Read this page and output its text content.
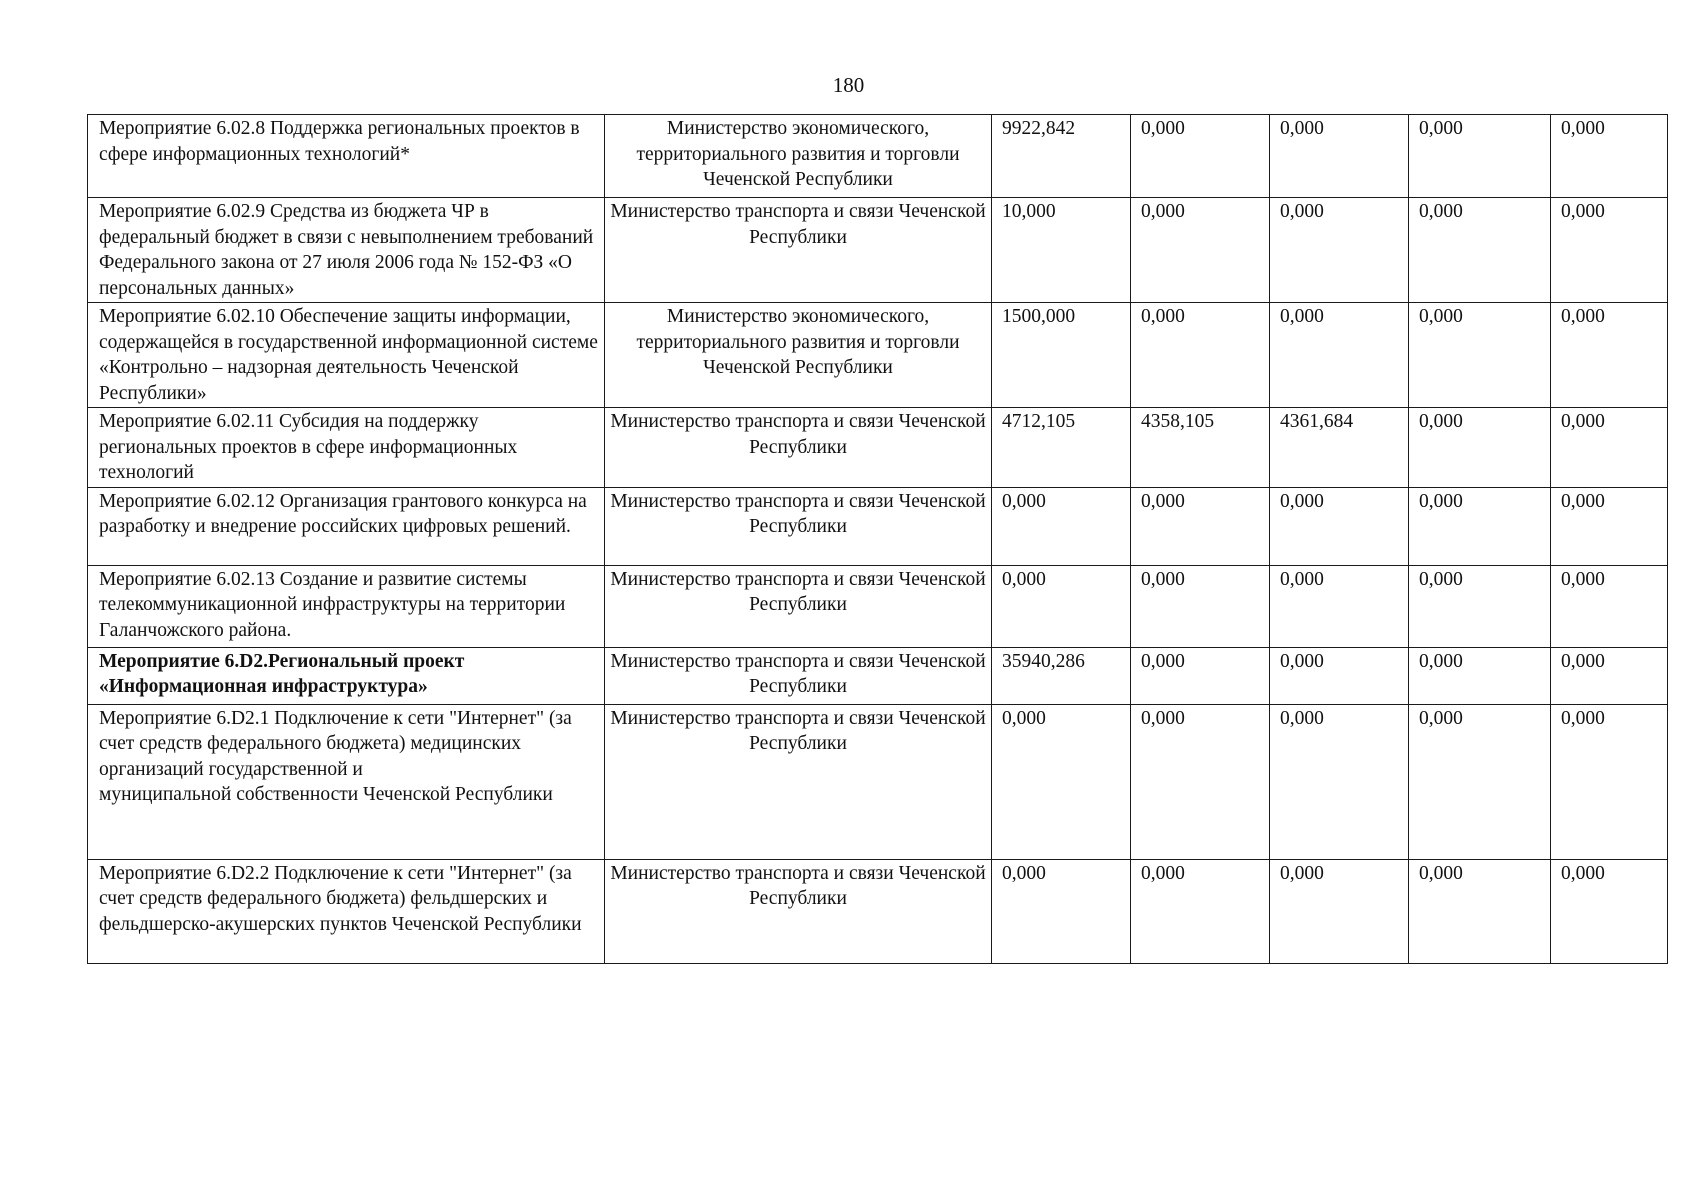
180
Мероприятие 6.02.8 Поддержка региональных проектов в сфере информационных технологий*	Министерство экономического, территориального развития и торговли Чеченской Республики	9922,842	0,000	0,000	0,000	0,000
Мероприятие 6.02.9 Средства из бюджета ЧР в федеральный бюджет в связи с невыполнением требований Федерального закона от 27 июля 2006 года № 152-ФЗ «О персональных данных»	Министерство транспорта и связи Чеченской Республики	10,000	0,000	0,000	0,000	0,000
Мероприятие 6.02.10 Обеспечение защиты информации, содержащейся в государственной информационной системе «Контрольно – надзорная деятельность Чеченской Республики»	Министерство экономического, территориального развития и торговли Чеченской Республики	1500,000	0,000	0,000	0,000	0,000
Мероприятие 6.02.11 Субсидия на поддержку региональных проектов в сфере информационных технологий	Министерство транспорта и связи Чеченской Республики	4712,105	4358,105	4361,684	0,000	0,000
Мероприятие 6.02.12 Организация грантового конкурса на разработку и внедрение российских цифровых решений.	Министерство транспорта и связи Чеченской Республики	0,000	0,000	0,000	0,000	0,000
Мероприятие 6.02.13 Создание и развитие системы телекоммуникационной инфраструктуры на территории Галанчожского района.	Министерство транспорта и связи Чеченской Республики	0,000	0,000	0,000	0,000	0,000
Мероприятие 6.D2.Региональный проект «Информационная инфраструктура»	Министерство транспорта и связи Чеченской Республики	35940,286	0,000	0,000	0,000	0,000
Мероприятие 6.D2.1 Подключение к сети "Интернет" (за счет средств федерального бюджета) медицинских организаций государственной и
муниципальной собственности Чеченской Республики	Министерство транспорта и связи Чеченской Республики	0,000	0,000	0,000	0,000	0,000
Мероприятие 6.D2.2 Подключение к сети "Интернет" (за счет средств федерального бюджета) фельдшерских и фельдшерско-акушерских пунктов Чеченской Республики	Министерство транспорта и связи Чеченской Республики	0,000	0,000	0,000	0,000	0,000
